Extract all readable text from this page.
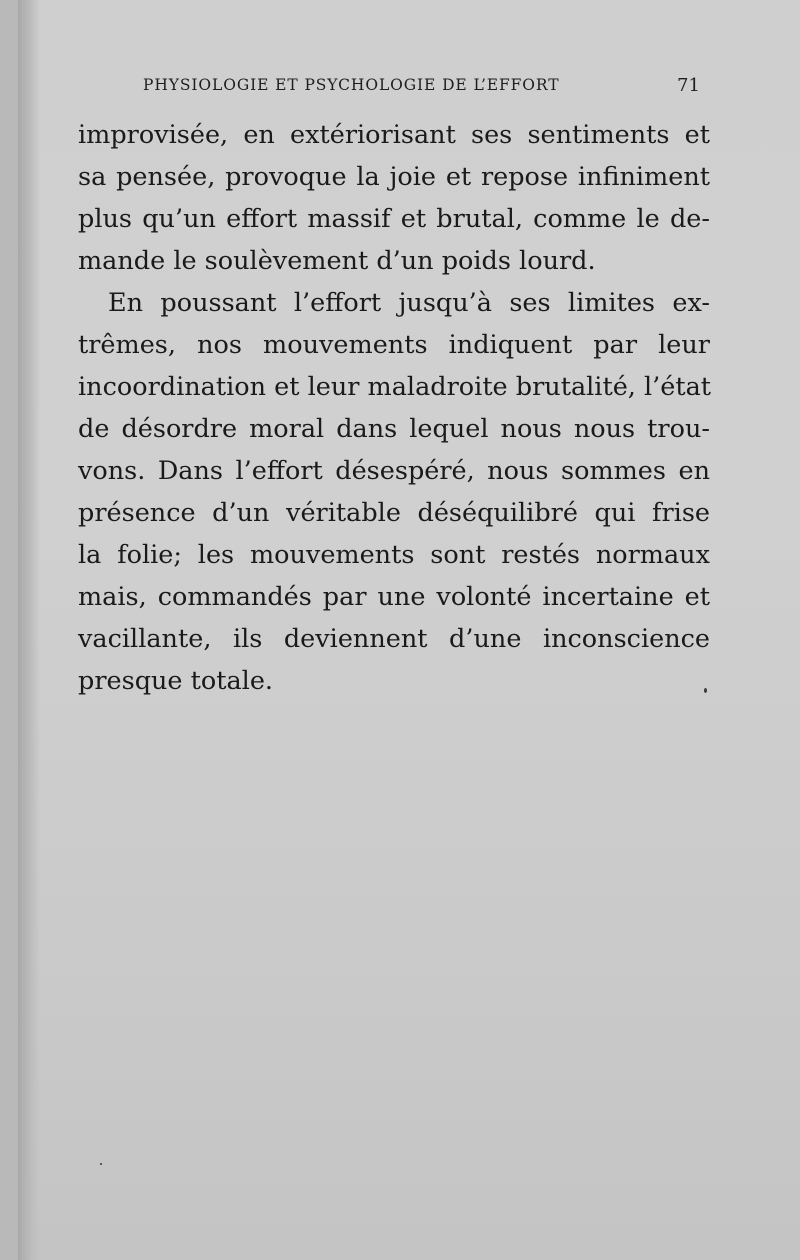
PHYSIOLOGIE ET PSYCHOLOGIE DE L’EFFORT	71
improvisée, en extériorisant ses sentiments et
sa pensée, provoque la joie et repose infiniment
plus qu’un effort massif et brutal, comme le de-
mande le soulèvement d’un poids lourd.
En poussant l’effort jusqu’à ses limites ex-
trêmes, nos mouvements indiquent par leur
incoordination et leur maladroite brutalité, l’état
de désordre moral dans lequel nous nous trou-
vons. Dans l’effort désespéré, nous sommes en
présence d’un véritable déséquilibré qui frise
la folie; les mouvements sont restés normaux
mais, commandés par une volonté incertaine et
vacillante, ils deviennent d’une inconscience
presque totale.
